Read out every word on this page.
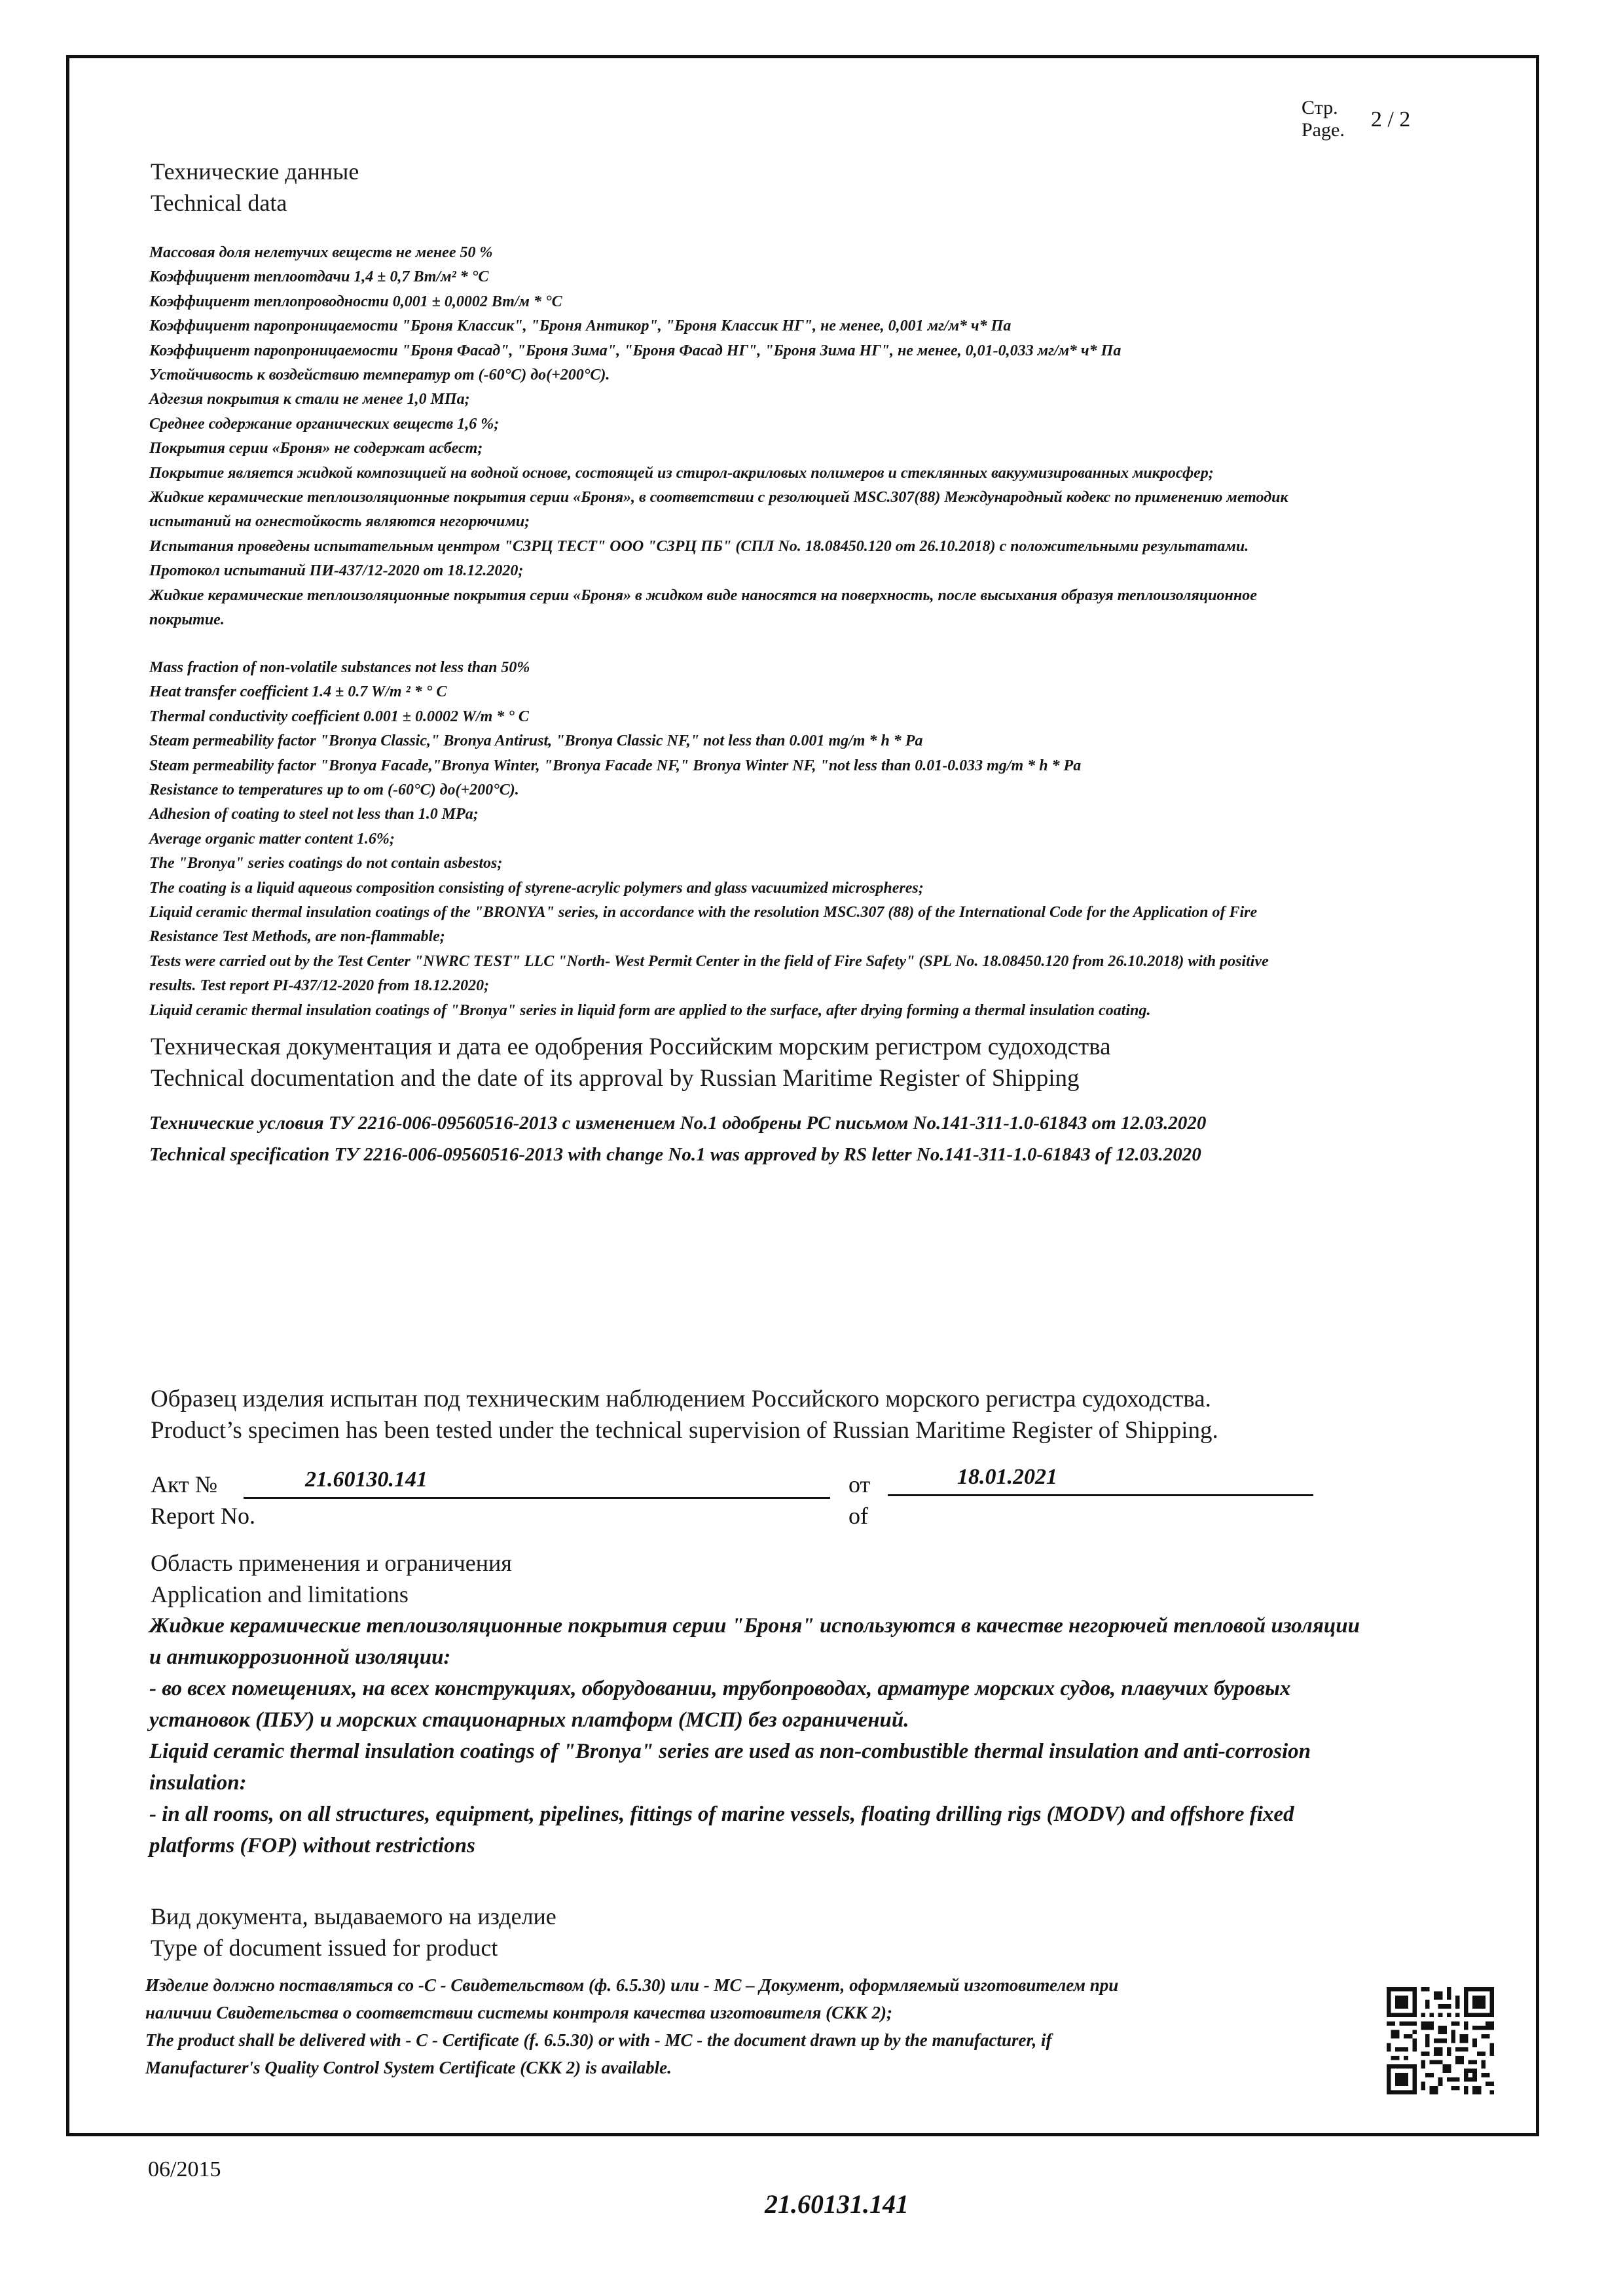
Стр.
Page. 2 / 2
Технические данные
Technical data
Массовая доля нелетучих веществ не менее 50 %
Коэффициент теплоотдачи 1,4 ± 0,7 Вт/м² * °С
Коэффициент теплопроводности 0,001 ± 0,0002 Вт/м * °С
Коэффициент паропроницаемости "Броня Классик", "Броня Антикор", "Броня Классик НГ", не менее, 0,001 мг/м* ч* Па
Коэффициент паропроницаемости "Броня Фасад", "Броня Зима", "Броня Фасад НГ", "Броня Зима НГ", не менее, 0,01-0,033 мг/м* ч* Па
Устойчивость к воздействию температур от (-60°С) до(+200°С).
Адгезия покрытия к стали не менее 1,0 МПа;
Среднее содержание органических веществ 1,6 %;
Покрытия серии «Броня» не содержат асбест;
Покрытие является жидкой композицией на водной основе, состоящей из стирол-акриловых полимеров и стеклянных вакуумизированных микросфер;
Жидкие керамические теплоизоляционные покрытия серии «Броня», в соответствии с резолюцией MSC.307(88) Международный кодекс по применению методик
испытаний на огнестойкость являются негорючими;
Испытания проведены испытательным центром "СЗРЦ ТЕСТ" ООО "СЗРЦ ПБ" (СПЛ No. 18.08450.120 от 26.10.2018) с положительными результатами.
Протокол испытаний ПИ-437/12-2020 от 18.12.2020;
Жидкие керамические теплоизоляционные покрытия серии «Броня» в жидком виде наносятся на поверхность, после высыхания образуя теплоизоляционное
покрытие.
Mass fraction of non-volatile substances not less than 50%
Heat transfer coefficient 1.4 ± 0.7 W/m ² * ° C
Thermal conductivity coefficient 0.001 ± 0.0002 W/m * ° C
Steam permeability factor "Bronya Classic," Bronya Antirust, "Bronya Classic NF," not less than 0.001 mg/m * h * Pa
Steam permeability factor "Bronya Facade,"Bronya Winter, "Bronya Facade NF," Bronya Winter NF, "not less than 0.01-0.033 mg/m * h * Pa
Resistance to temperatures up to от (-60°С) до(+200°С).
Adhesion of coating to steel not less than 1.0 MPa;
Average organic matter content 1.6%;
The "Bronya" series coatings do not contain asbestos;
The coating is a liquid aqueous composition consisting of styrene-acrylic polymers and glass vacuumized microspheres;
Liquid ceramic thermal insulation coatings of the "BRONYA" series, in accordance with the resolution MSC.307 (88) of the International Code for the Application of Fire
Resistance Test Methods, are non-flammable;
Tests were carried out by the Test Center "NWRC TEST" LLC "North- West Permit Center in the field of Fire Safety" (SPL No. 18.08450.120 from 26.10.2018) with positive
results. Test report PI-437/12-2020 from 18.12.2020;
Liquid ceramic thermal insulation coatings of "Bronya" series in liquid form are applied to the surface, after drying forming a thermal insulation coating.
Техническая документация и дата ее одобрения Российским морским регистром судоходства
Technical documentation and the date of its approval by Russian Maritime Register of Shipping
Технические условия ТУ 2216-006-09560516-2013 с изменением No.1 одобрены РС письмом No.141-311-1.0-61843 от 12.03.2020
Technical specification ТУ 2216-006-09560516-2013 with change No.1 was approved by RS letter No.141-311-1.0-61843 of 12.03.2020
Образец изделия испытан под техническим наблюдением Российского морского регистра судоходства.
Product’s specimen has been tested under the technical supervision of Russian Maritime Register of Shipping.
Акт №
Report No.
21.60130.141	от
of
18.01.2021
Область применения и ограничения
Application and limitations
Жидкие керамические теплоизоляционные покрытия серии "Броня" используются в качестве негорючей тепловой изоляции
и антикоррозионной изоляции:
- во всех помещениях, на всех конструкциях, оборудовании, трубопроводах, арматуре морских судов, плавучих буровых
установок (ПБУ) и морских стационарных платформ (МСП) без ограничений.
Liquid ceramic thermal insulation coatings of "Bronya" series are used as non-combustible thermal insulation and anti-corrosion
insulation:
- in all rooms, on all structures, equipment, pipelines, fittings of marine vessels, floating drilling rigs (MODV) and offshore fixed
platforms (FOP) without restrictions
Вид документа, выдаваемого на изделие
Type of document issued for product
Изделие должно поставляться со -С - Свидетельством (ф. 6.5.30) или - МС – Документ, оформляемый изготовителем при
наличии Свидетельства о соответствии системы контроля качества изготовителя (СКК 2);
The product shall be delivered with - C - Certificate (f. 6.5.30) or with - MC - the document drawn up by the manufacturer, if
Manufacturer's Quality Control System Certificate (СКК 2) is available.
06/2015
21.60131.141
